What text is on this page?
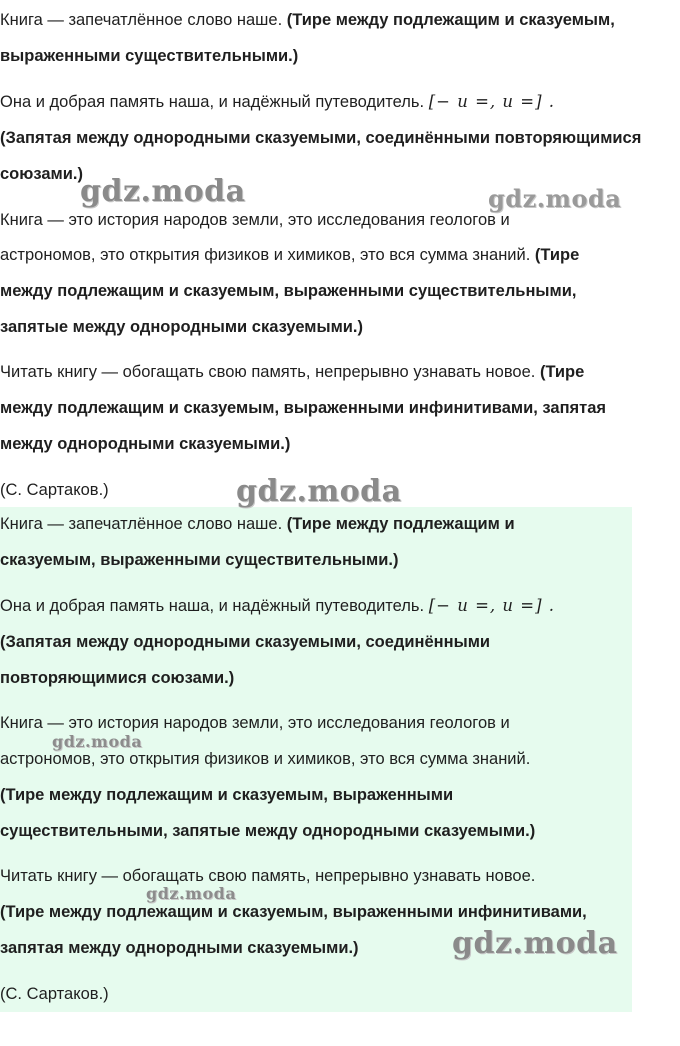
Книга — запечатлённое слово наше. (Тире между подлежащим и сказуемым,
выраженными существительными.)
Она и добрая память наша, и надёжный путеводитель. [− u =, u =] .
(Запятая между однородными сказуемыми, соединёнными повторяющимися
союзами.)
Книга — это история народов земли, это исследования геологов и
астрономов, это открытия физиков и химиков, это вся сумма знаний. (Тире
между подлежащим и сказуемым, выраженными существительными,
запятые между однородными сказуемыми.)
Читать книгу — обогащать свою память, непрерывно узнавать новое. (Тире
между подлежащим и сказуемым, выраженными инфинитивами, запятая
между однородными сказуемыми.)
(С. Сартаков.)
Книга — запечатлённое слово наше. (Тире между подлежащим и
сказуемым, выраженными существительными.)
Она и добрая память наша, и надёжный путеводитель. [− u =, u =] .
(Запятая между однородными сказуемыми, соединёнными
повторяющимися союзами.)
Книга — это история народов земли, это исследования геологов и
астрономов, это открытия физиков и химиков, это вся сумма знаний.
(Тире между подлежащим и сказуемым, выраженными
существительными, запятые между однородными сказуемыми.)
Читать книгу — обогащать свою память, непрерывно узнавать новое.
(Тире между подлежащим и сказуемым, выраженными инфинитивами,
запятая между однородными сказуемыми.)
(С. Сартаков.)
gdz.moda	gdz.moda
gdz.moda
gdz.moda
gdz.moda
gdz.moda
